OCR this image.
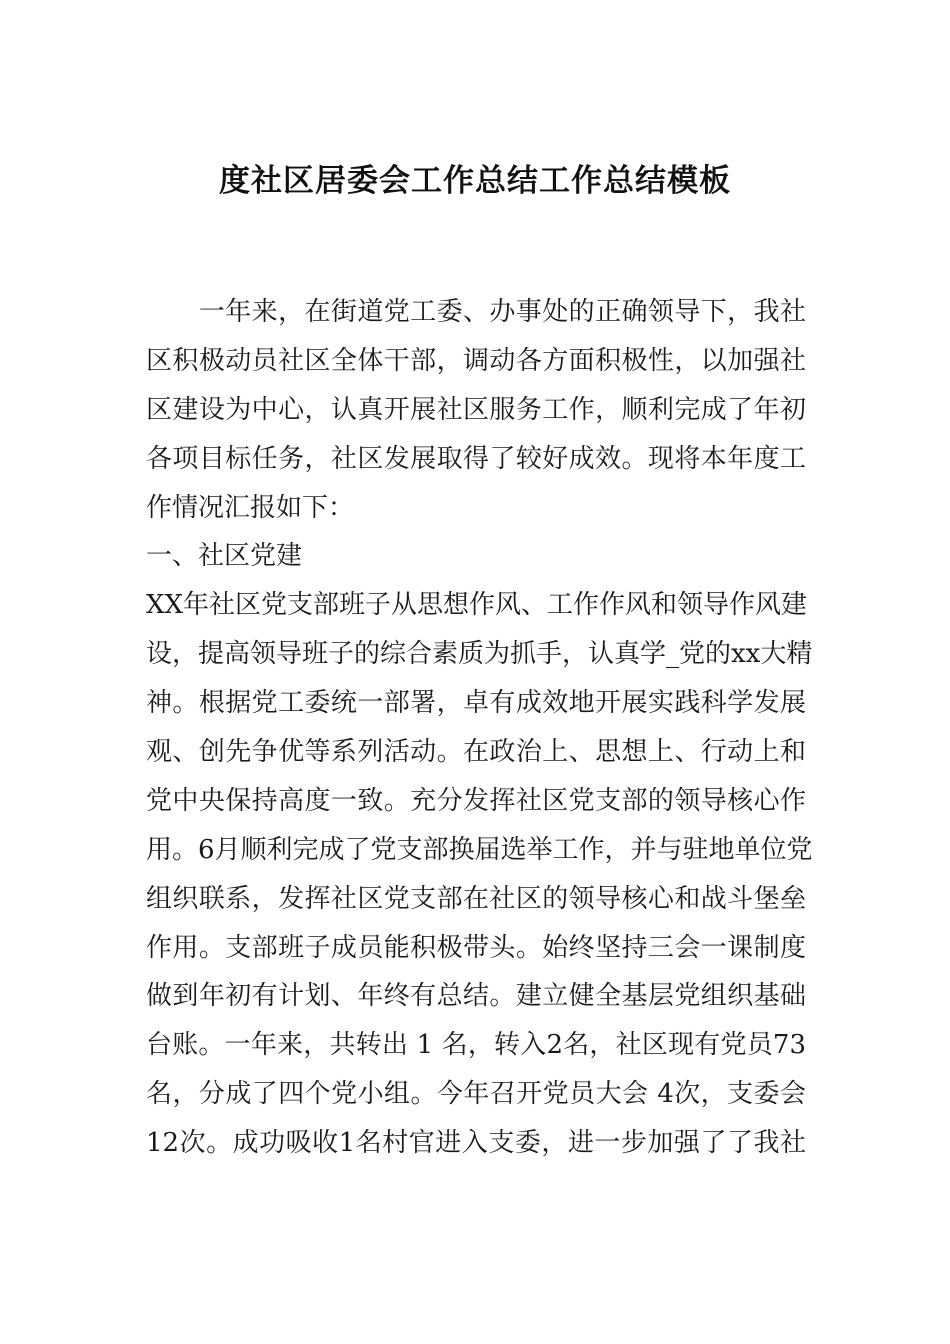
度社区居委会工作总结工作总结模板
　　一年来，在街道党工委、办事处的正确领导下，我社
区积极动员社区全体干部，调动各方面积极性，以加强社
区建设为中心，认真开展社区服务工作，顺利完成了年初
各项目标任务，社区发展取得了较好成效。现将本年度工
作情况汇报如下：
一、社区党建
XX年社区党支部班子从思想作风、工作作风和领导作风建
设，提高领导班子的综合素质为抓手，认真学_党的xx大精
神。根据党工委统一部署，卓有成效地开展实践科学发展
观、创先争优等系列活动。在政治上、思想上、行动上和
党中央保持高度一致。充分发挥社区党支部的领导核心作
用。6月顺利完成了党支部换届选举工作，并与驻地单位党
组织联系，发挥社区党支部在社区的领导核心和战斗堡垒
作用。支部班子成员能积极带头。始终坚持三会一课制度
做到年初有计划、年终有总结。建立健全基层党组织基础
台账。一年来，共转出 1 名，转入2名，社区现有党员73
名，分成了四个党小组。今年召开党员大会 4次，支委会
12次。成功吸收1名村官进入支委，进一步加强了了我社
